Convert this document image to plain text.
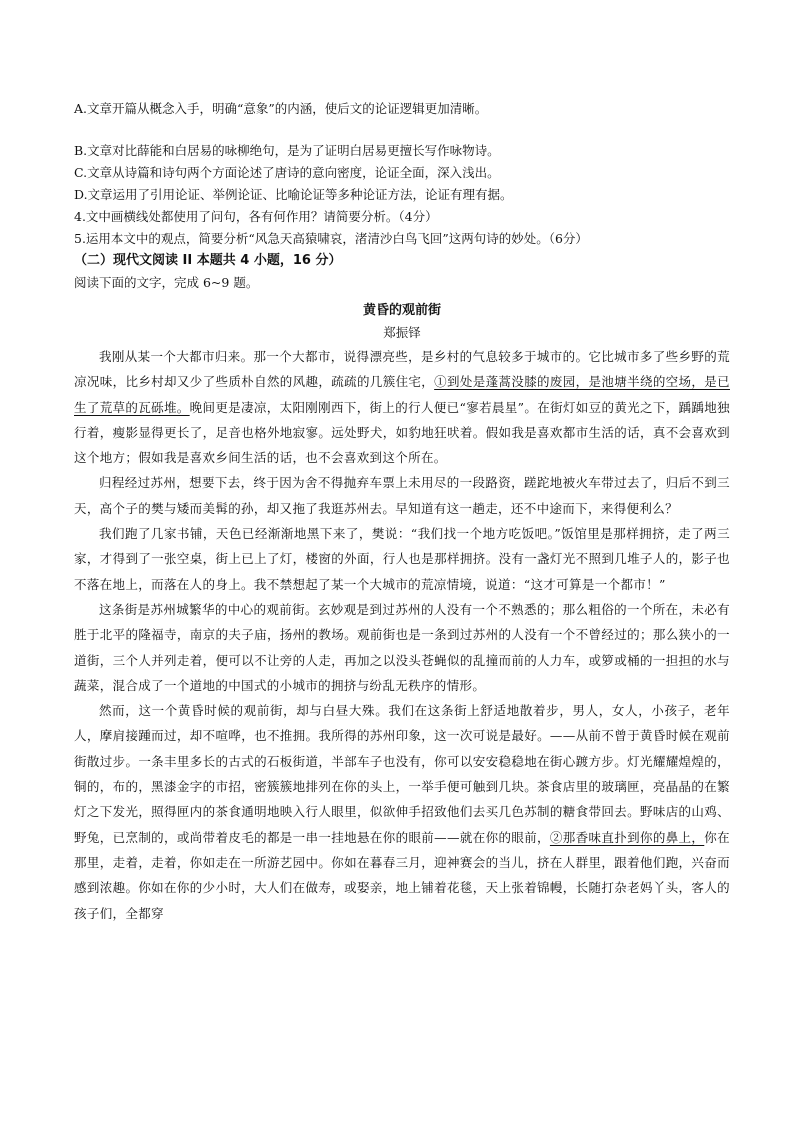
A.文章开篇从概念入手，明确“意象”的内涵，使后文的论证逻辑更加清晰。

B.文章对比薛能和白居易的咏柳绝句，是为了证明白居易更擅长写作咏物诗。

C.文章从诗篇和诗句两个方面论述了唐诗的意向密度，论证全面，深入浅出。

D.文章运用了引用论证、举例论证、比喻论证等多种论证方法，论证有理有据。

4.文中画横线处都使用了问句，各有何作用？请简要分析。（4分）

5.运用本文中的观点，简要分析“风急天高猿啸哀，渚清沙白鸟飞回”这两句诗的妙处。（6分）

（二）现代文阅读 II 本题共 4 小题，16 分）

阅读下面的文字，完成 6~9 题。

黄昏的观前街

郑振铎

我刚从某一个大都市归来。那一个大都市，说得漂亮些，是乡村的气息较多于城市的。它比城市多了些乡野的荒凉况味，比乡村却又少了些质朴自然的风趣，疏疏的几簇住宅，①到处是蓬蒿没膝的废园，是池塘半绕的空场，是已生了荒草的瓦砾堆。晚间更是凄凉，太阳刚刚西下，街上的行人便已“寥若晨星”。在街灯如豆的黄光之下，踽踽地独行着，瘦影显得更长了，足音也格外地寂寥。远处野犬，如豹地狂吠着。假如我是喜欢都市生活的话，真不会喜欢到这个地方；假如我是喜欢乡间生活的话，也不会喜欢到这个所在。

归程经过苏州，想要下去，终于因为舍不得抛弃车票上未用尽的一段路资，蹉跎地被火车带过去了，归后不到三天，高个子的樊与矮而美髯的孙，却又拖了我逛苏州去。早知道有这一趟走，还不中途而下，来得便利么？

我们跑了几家书铺，天色已经渐渐地黑下来了，樊说：“我们找一个地方吃饭吧。”饭馆里是那样拥挤，走了两三家，才得到了一张空桌，街上已上了灯，楼窗的外面，行人也是那样拥挤。没有一盏灯光不照到几堆子人的，影子也不落在地上，而落在人的身上。我不禁想起了某一个大城市的荒凉情境，说道：“这才可算是一个都市！”

这条街是苏州城繁华的中心的观前街。玄妙观是到过苏州的人没有一个不熟悉的；那么粗俗的一个所在，未必有胜于北平的隆福寺，南京的夫子庙，扬州的教场。观前街也是一条到过苏州的人没有一个不曾经过的；那么狭小的一道街，三个人并列走着，便可以不让旁的人走，再加之以没头苍蝇似的乱撞而前的人力车，或箩或桶的一担担的水与蔬菜，混合成了一个道地的中国式的小城市的拥挤与纷乱无秩序的情形。

然而，这一个黄昏时候的观前街，却与白昼大殊。我们在这条街上舒适地散着步，男人，女人，小孩子，老年人，摩肩接踵而过，却不喧哗，也不推拥。我所得的苏州印象，这一次可说是最好。——从前不曾于黄昏时候在观前街散过步。一条丰里多长的古式的石板街道，半部车子也没有，你可以安安稳稳地在街心踱方步。灯光耀耀煌煌的，铜的，布的，黑漆金字的市招，密簇簇地排列在你的头上，一举手便可触到几块。茶食店里的玻璃匣，亮晶晶的在繁灯之下发光，照得匣内的茶食通明地映入行人眼里，似欲伸手招致他们去买几色苏制的糖食带回去。野味店的山鸡、野兔，已烹制的，或尚带着皮毛的都是一串一挂地悬在你的眼前——就在你的眼前，②那香味直扑到你的鼻上，你在那里，走着，走着，你如走在一所游艺园中。你如在暮春三月，迎神赛会的当儿，挤在人群里，跟着他们跑，兴奋而感到浓趣。你如在你的少小时，大人们在做寿，或娶亲，地上铺着花毯，天上张着锦幔，长随打杂老妈丫头，客人的孩子们，全都穿
